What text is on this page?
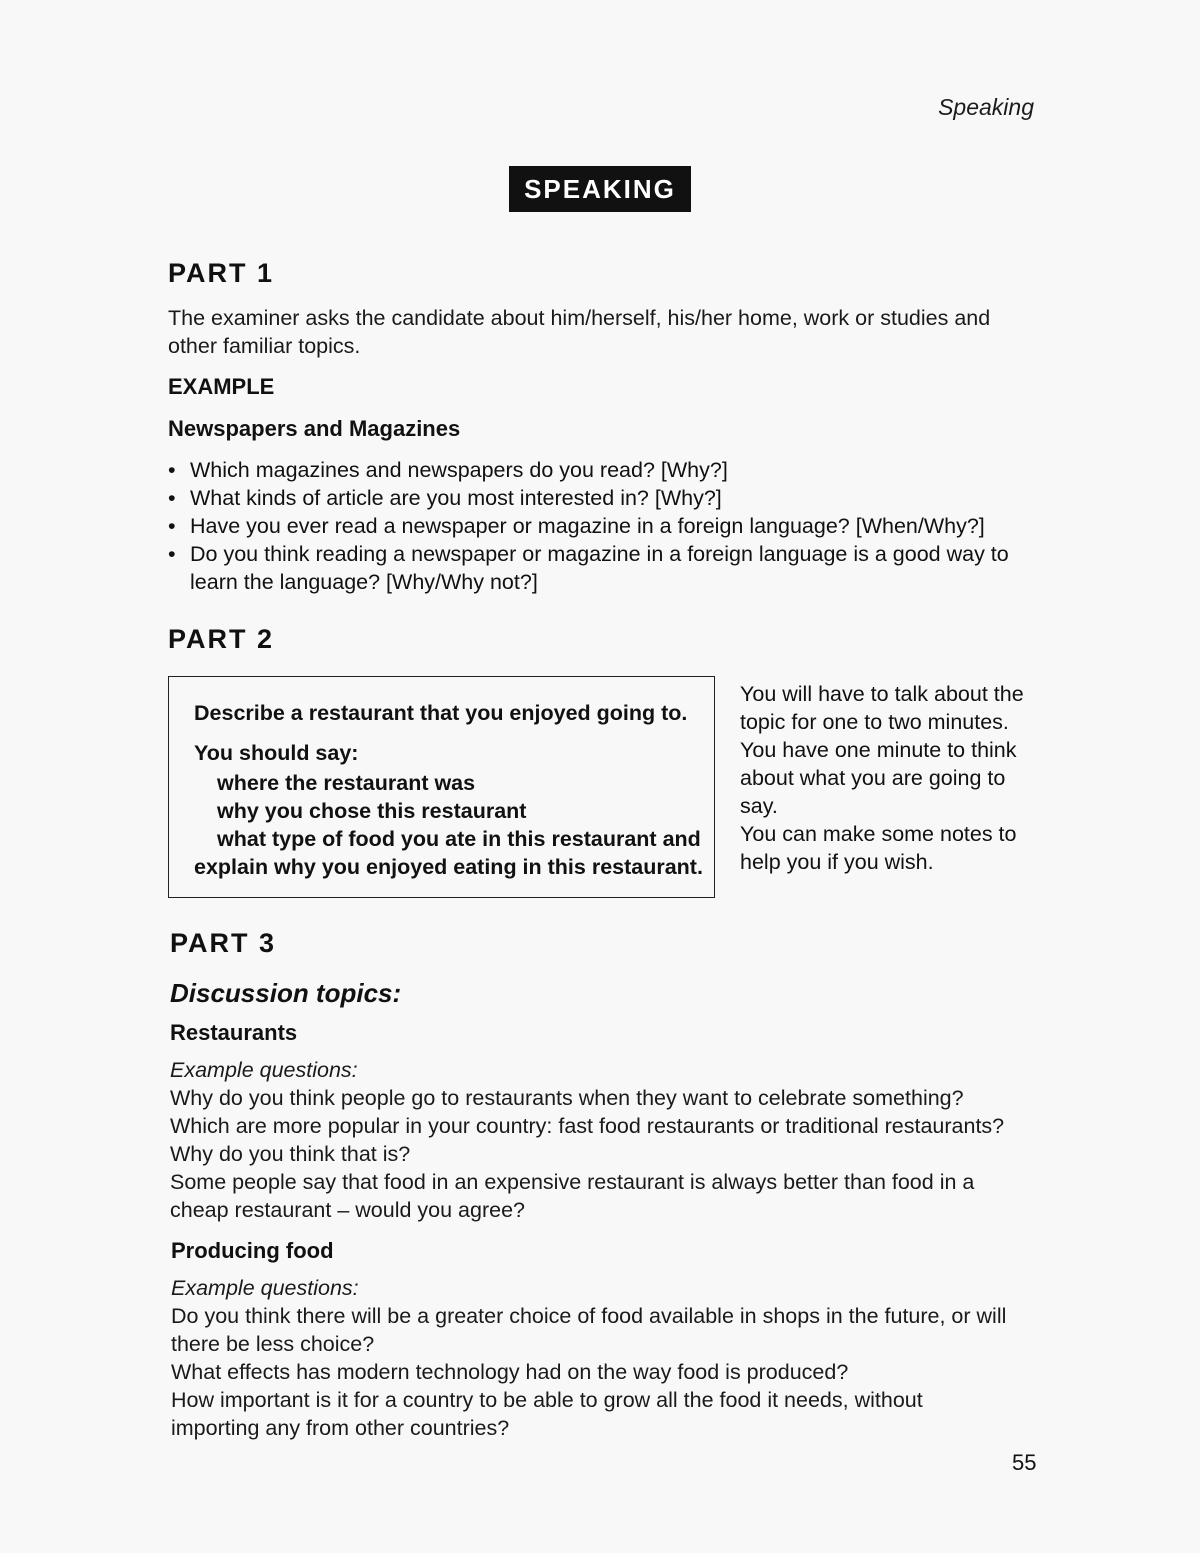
Speaking
SPEAKING
PART 1
The examiner asks the candidate about him/herself, his/her home, work or studies and
other familiar topics.
EXAMPLE
Newspapers and Magazines
• Which magazines and newspapers do you read? [Why?]
• What kinds of article are you most interested in? [Why?]
• Have you ever read a newspaper or magazine in a foreign language? [When/Why?]
• Do you think reading a newspaper or magazine in a foreign language is a good way to
learn the language? [Why/Why not?]
PART 2
Describe a restaurant that you enjoyed going to.
You should say:
where the restaurant was
why you chose this restaurant
what type of food you ate in this restaurant and
explain why you enjoyed eating in this restaurant.
You will have to talk about the
topic for one to two minutes.
You have one minute to think
about what you are going to
say.
You can make some notes to
help you if you wish.
PART 3
Discussion topics:
Restaurants
Example questions:
Why do you think people go to restaurants when they want to celebrate something?
Which are more popular in your country: fast food restaurants or traditional restaurants?
Why do you think that is?
Some people say that food in an expensive restaurant is always better than food in a
cheap restaurant – would you agree?
Producing food
Example questions:
Do you think there will be a greater choice of food available in shops in the future, or will
there be less choice?
What effects has modern technology had on the way food is produced?
How important is it for a country to be able to grow all the food it needs, without
importing any from other countries?
55
